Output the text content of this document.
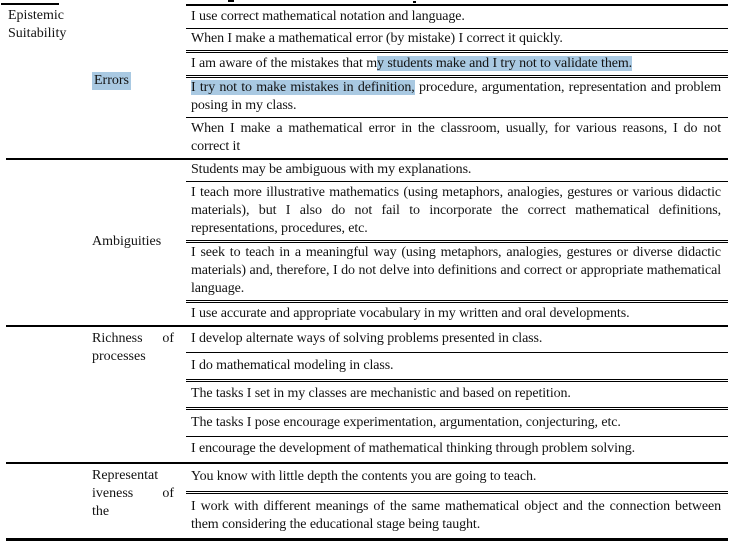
Epistemic Suitability
Errors
I use correct mathematical notation and language.
When I make a mathematical error (by mistake) I correct it quickly.
I am aware of the mistakes that my students make and I try not to validate them.
I try not to make mistakes in definition, procedure, argumentation, representation and problem posing in my class.
When I make a mathematical error in the classroom, usually, for various reasons, I do not correct it
Ambiguities
Students may be ambiguous with my explanations.
I teach more illustrative mathematics (using metaphors, analogies, gestures or various didactic materials), but I also do not fail to incorporate the correct mathematical definitions, representations, procedures, etc.
I seek to teach in a meaningful way (using metaphors, analogies, gestures or diverse didactic materials) and, therefore, I do not delve into definitions and correct or appropriate mathematical language.
I use accurate and appropriate vocabulary in my written and oral developments.
Richness of
processes
I develop alternate ways of solving problems presented in class.
I do mathematical modeling in class.
The tasks I set in my classes are mechanistic and based on repetition.
The tasks I pose encourage experimentation, argumentation, conjecturing, etc.
I encourage the development of mathematical thinking through problem solving.
Representat
iveness of
the
You know with little depth the contents you are going to teach.
I work with different meanings of the same mathematical object and the connection between them considering the educational stage being taught.
